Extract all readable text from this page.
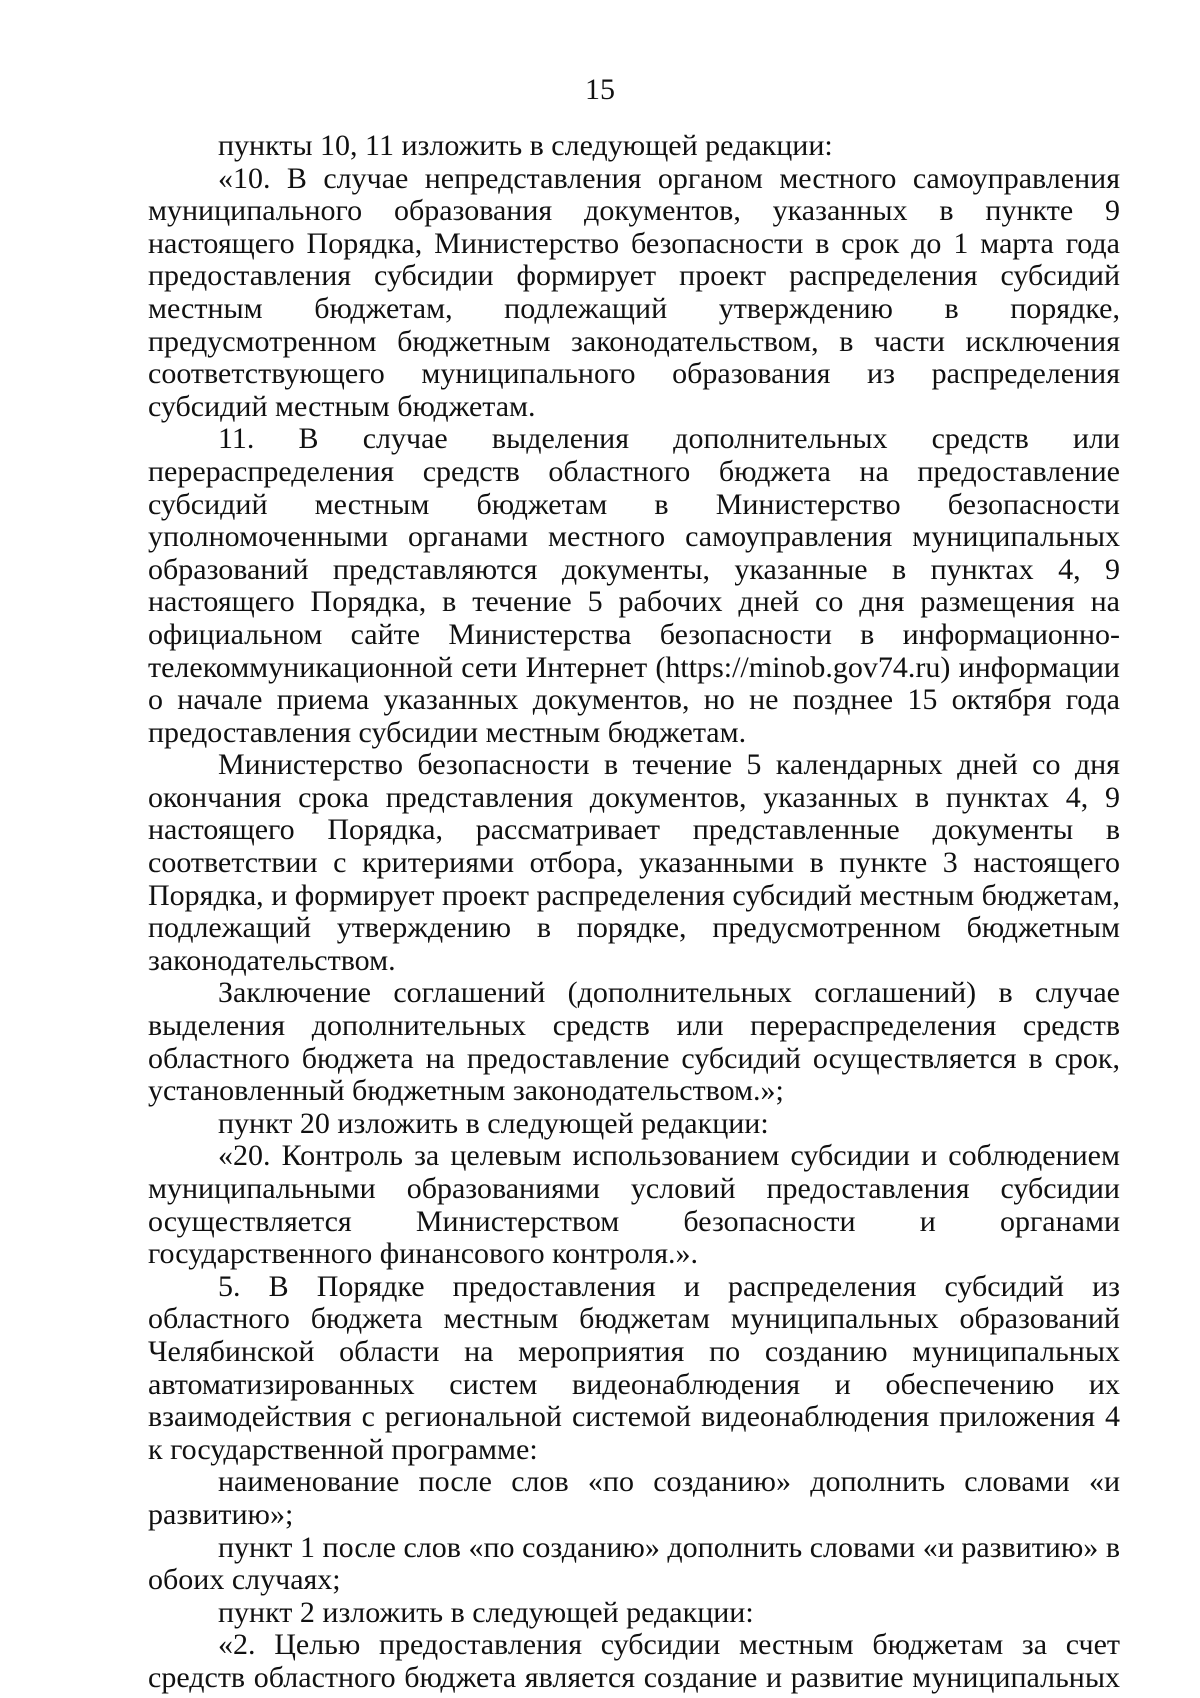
15

пункты 10, 11 изложить в следующей редакции:

«10. В случае непредставления органом местного самоуправления муниципального образования документов, указанных в пункте 9 настоящего Порядка, Министерство безопасности в срок до 1 марта года предоставления субсидии формирует проект распределения субсидий местным бюджетам, подлежащий утверждению в порядке, предусмотренном бюджетным законодательством, в части исключения соответствующего муниципального образования из распределения субсидий местным бюджетам.

11. В случае выделения дополнительных средств или перераспределения средств областного бюджета на предоставление субсидий местным бюджетам в Министерство безопасности уполномоченными органами местного самоуправления муниципальных образований представляются документы, указанные в пунктах 4, 9 настоящего Порядка, в течение 5 рабочих дней со дня размещения на официальном сайте Министерства безопасности в информационно-телекоммуникационной сети Интернет (https://minob.gov74.ru) информации о начале приема указанных документов, но не позднее 15 октября года предоставления субсидии местным бюджетам.

Министерство безопасности в течение 5 календарных дней со дня окончания срока представления документов, указанных в пунктах 4, 9 настоящего Порядка, рассматривает представленные документы в соответствии с критериями отбора, указанными в пункте 3 настоящего Порядка, и формирует проект распределения субсидий местным бюджетам, подлежащий утверждению в порядке, предусмотренном бюджетным законодательством.

Заключение соглашений (дополнительных соглашений) в случае выделения дополнительных средств или перераспределения средств областного бюджета на предоставление субсидий осуществляется в срок, установленный бюджетным законодательством.»;

пункт 20 изложить в следующей редакции:

«20. Контроль за целевым использованием субсидии и соблюдением муниципальными образованиями условий предоставления субсидии осуществляется Министерством безопасности и органами государственного финансового контроля.».

5. В Порядке предоставления и распределения субсидий из областного бюджета местным бюджетам муниципальных образований Челябинской области на мероприятия по созданию муниципальных автоматизированных систем видеонаблюдения и обеспечению их взаимодействия с региональной системой видеонаблюдения приложения 4 к государственной программе:

наименование после слов «по созданию» дополнить словами «и развитию»;

пункт 1 после слов «по созданию» дополнить словами «и развитию» в обоих случаях;

пункт 2 изложить в следующей редакции:

«2. Целью предоставления субсидии местным бюджетам за счет средств областного бюджета является создание и развитие муниципальных
